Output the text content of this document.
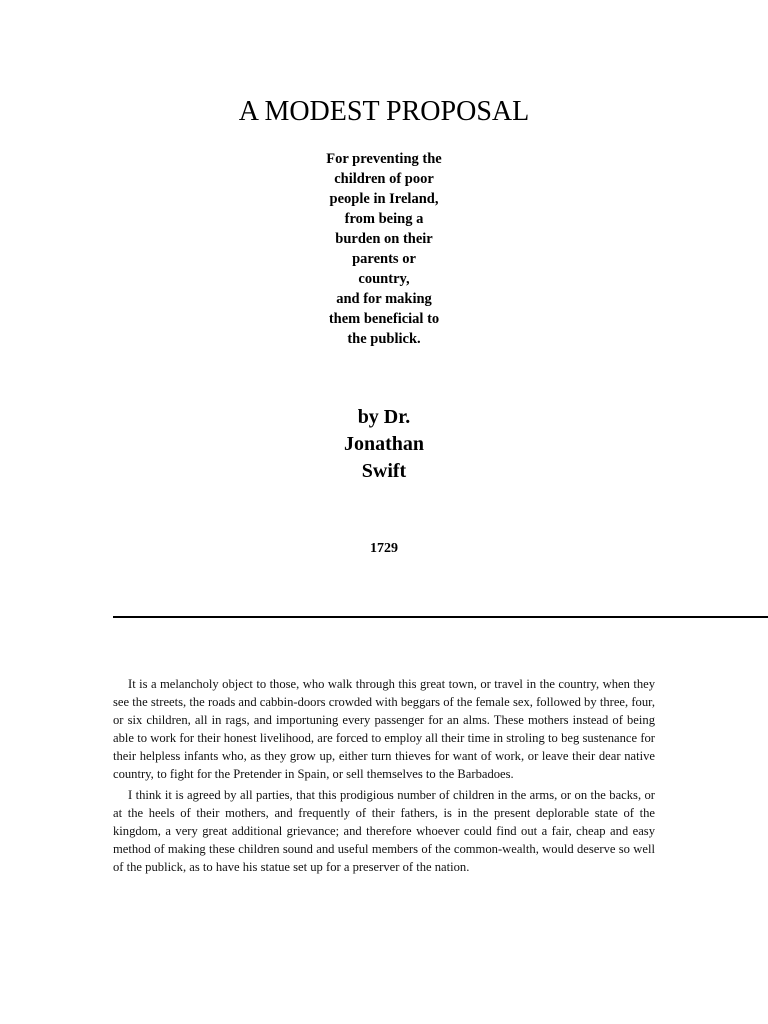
A MODEST PROPOSAL
For preventing the
children of poor
people in Ireland,
from being a
burden on their
parents or
country,
and for making
them beneficial to
the publick.
by Dr.
Jonathan
Swift
1729

It is a melancholy object to those, who walk through this great town, or travel in the country, when they see the streets, the roads and cabbin-doors crowded with beggars of the female sex, followed by three, four, or six children, all in rags, and importuning every passenger for an alms. These mothers instead of being able to work for their honest livelihood, are forced to employ all their time in stroling to beg sustenance for their helpless infants who, as they grow up, either turn thieves for want of work, or leave their dear native country, to fight for the Pretender in Spain, or sell themselves to the Barbadoes.

I think it is agreed by all parties, that this prodigious number of children in the arms, or on the backs, or at the heels of their mothers, and frequently of their fathers, is in the present deplorable state of the kingdom, a very great additional grievance; and therefore whoever could find out a fair, cheap and easy method of making these children sound and useful members of the common-wealth, would deserve so well of the publick, as to have his statue set up for a preserver of the nation.
